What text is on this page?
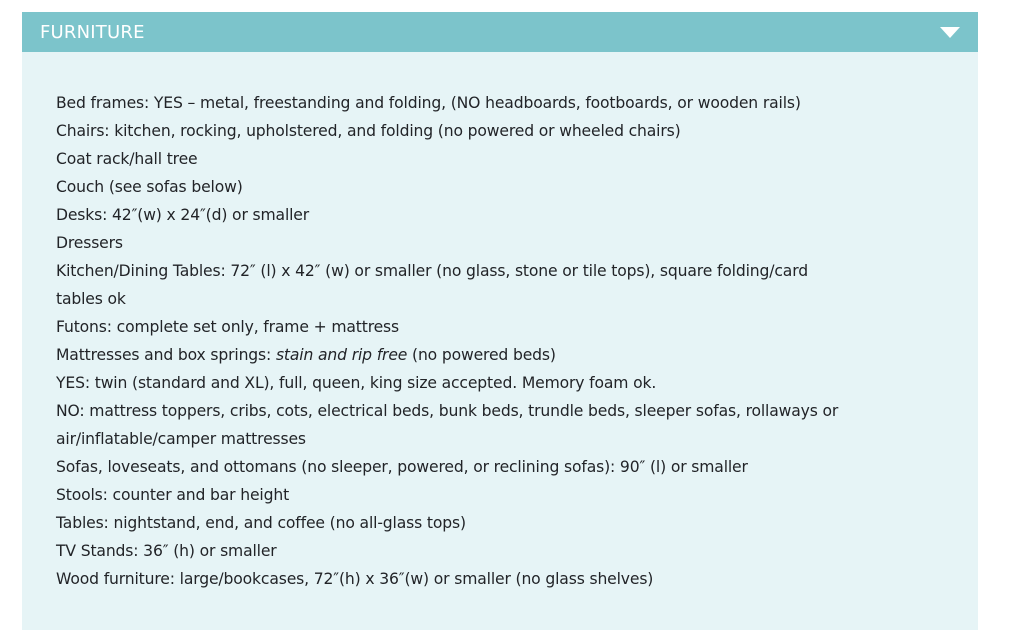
FURNITURE
Bed frames: YES – metal, freestanding and folding, (NO headboards, footboards, or wooden rails)
Chairs: kitchen, rocking, upholstered, and folding (no powered or wheeled chairs)
Coat rack/hall tree
Couch (see sofas below)
Desks: 42″(w) x 24″(d) or smaller
Dressers
Kitchen/Dining Tables: 72″ (l) x 42″ (w) or smaller (no glass, stone or tile tops), square folding/card
tables ok
Futons: complete set only, frame + mattress
Mattresses and box springs: stain and rip free (no powered beds)
YES: twin (standard and XL), full, queen, king size accepted. Memory foam ok.
NO: mattress toppers, cribs, cots, electrical beds, bunk beds, trundle beds, sleeper sofas, rollaways or
air/inflatable/camper mattresses
Sofas, loveseats, and ottomans (no sleeper, powered, or reclining sofas): 90″ (l) or smaller
Stools: counter and bar height
Tables: nightstand, end, and coffee (no all-glass tops)
TV Stands: 36″ (h) or smaller
Wood furniture: large/bookcases, 72″(h) x 36″(w) or smaller (no glass shelves)
